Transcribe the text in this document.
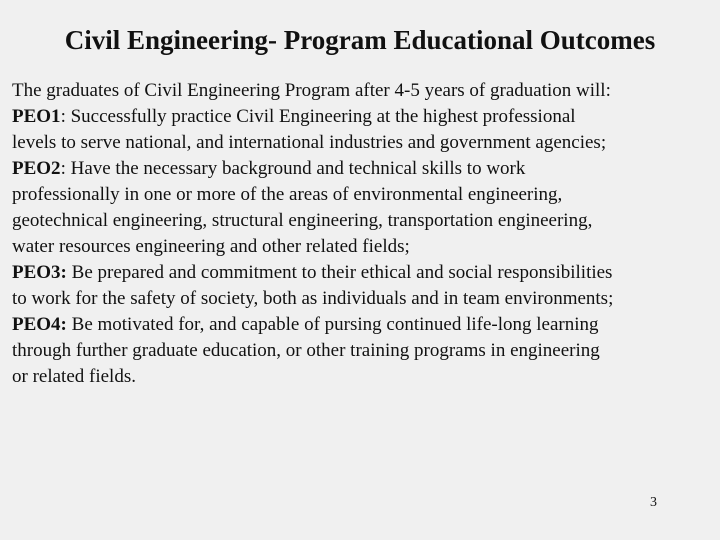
Civil Engineering- Program Educational Outcomes
The graduates of Civil Engineering Program after 4-5 years of graduation will:
PEO1: Successfully practice Civil Engineering at the highest professional
levels to serve national, and international industries and government agencies;
PEO2: Have the necessary background and technical skills to work
professionally in one or more of the areas of environmental engineering,
geotechnical engineering, structural engineering, transportation engineering,
water resources engineering and other related fields;
PEO3: Be prepared and commitment to their ethical and social responsibilities
to work for the safety of society, both as individuals and in team environments;
PEO4: Be motivated for, and capable of pursing continued life-long learning
through further graduate education, or other training programs in engineering
or related fields.
3
